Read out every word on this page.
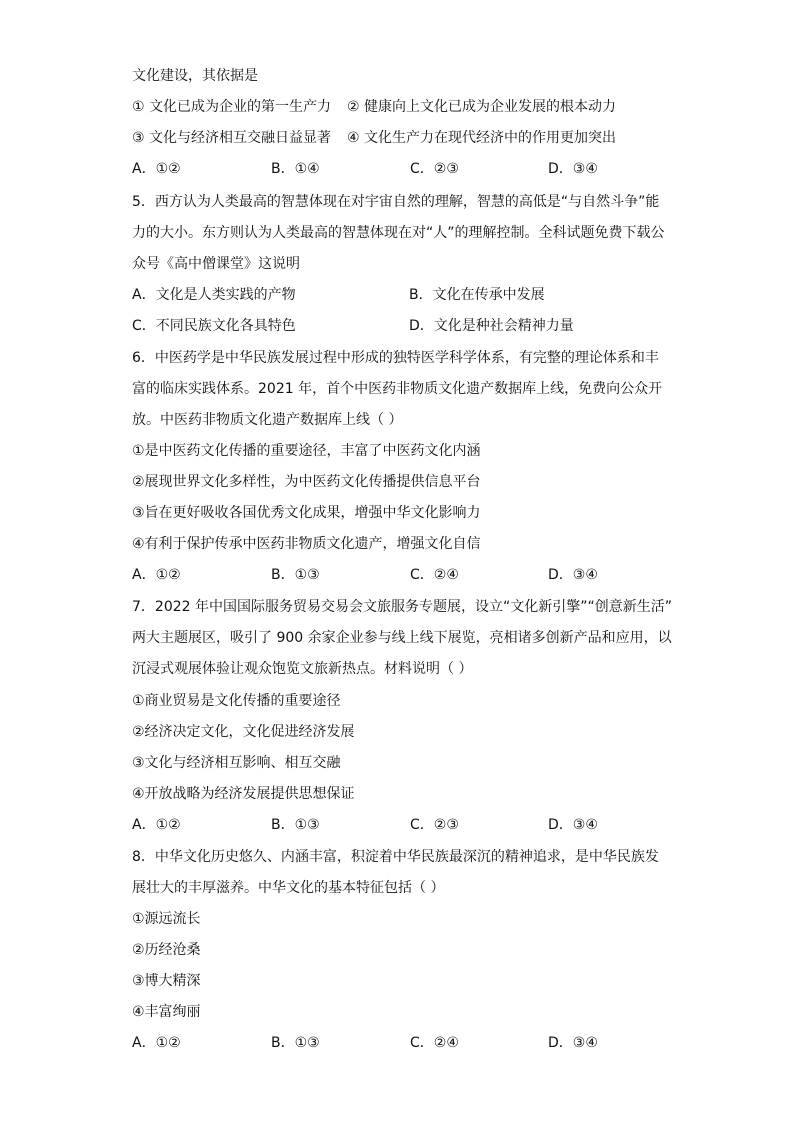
文化建设，其依据是
① 文化已成为企业的第一生产力 ② 健康向上文化已成为企业发展的根本动力
③ 文化与经济相互交融日益显著 ④ 文化生产力在现代经济中的作用更加突出
A．①②	B．①④	C．②③	D．③④
5．西方认为人类最高的智慧体现在对宇宙自然的理解，智慧的高低是“与自然斗争”能
力的大小。东方则认为人类最高的智慧体现在对“人”的理解控制。全科试题免费下载公
众号《高中僧课堂》这说明
A．文化是人类实践的产物	B．文化在传承中发展
C．不同民族文化各具特色	D．文化是种社会精神力量
6．中医药学是中华民族发展过程中形成的独特医学科学体系，有完整的理论体系和丰
富的临床实践体系。2021 年，首个中医药非物质文化遗产数据库上线，免费向公众开
放。中医药非物质文化遗产数据库上线（ ）
①是中医药文化传播的重要途径，丰富了中医药文化内涵
②展现世界文化多样性，为中医药文化传播提供信息平台
③旨在更好吸收各国优秀文化成果，增强中华文化影响力
④有利于保护传承中医药非物质文化遗产，增强文化自信
A．①②	B．①③	C．②④	D．③④
7．2022 年中国国际服务贸易交易会文旅服务专题展，设立“文化新引擎”“创意新生活”
两大主题展区，吸引了 900 余家企业参与线上线下展览，亮相诸多创新产品和应用，以
沉浸式观展体验让观众饱览文旅新热点。材料说明（ ）
①商业贸易是文化传播的重要途径
②经济决定文化，文化促进经济发展
③文化与经济相互影响、相互交融
④开放战略为经济发展提供思想保证
A．①②	B．①③	C．②③	D．③④
8．中华文化历史悠久、内涵丰富，积淀着中华民族最深沉的精神追求，是中华民族发
展壮大的丰厚滋养。中华文化的基本特征包括（ ）
①源远流长
②历经沧桑
③博大精深
④丰富绚丽
A．①②	B．①③	C．②④	D．③④
